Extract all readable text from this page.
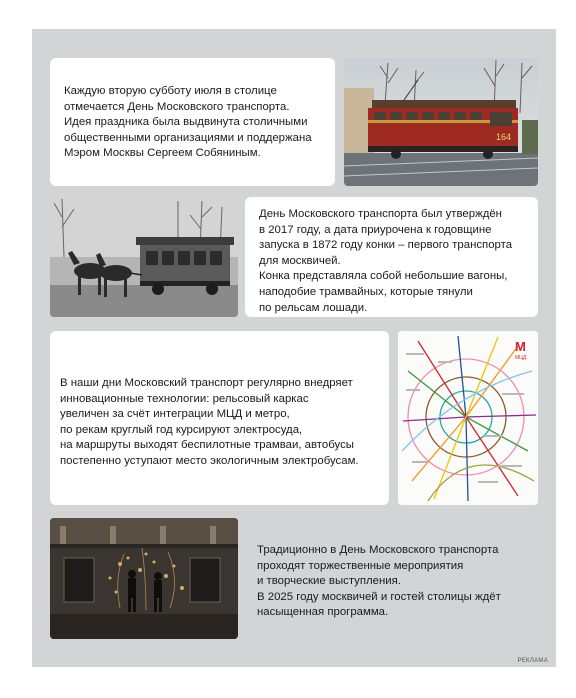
Каждую вторую субботу июля в столице

отмечается День Московского транспорта.

Идея праздника была выдвинута столичными

общественными организациями и поддержана

Мэром Москвы Сергеем Собяниным.

164

День Московского транспорта был утверждён

в 2017 году, а дата приурочена к годовщине

запуска в 1872 году конки – первого транспорта

для москвичей.

Конка представляла собой небольшие вагоны,

наподобие трамвайных, которые тянули

по рельсам лошади.

В наши дни Московский транспорт регулярно внедряет

инновационные технологии: рельсовый каркас

увеличен за счёт интеграции МЦД и метро,

по рекам круглый год курсируют электросуда,

на маршруты выходят беспилотные трамваи, автобусы

постепенно уступают место экологичным электробусам.

М
МЦД

Традиционно в День Московского транспорта

проходят торжественные мероприятия

и творческие выступления.

В 2025 году москвичей и гостей столицы ждёт

насыщенная программа.

РЕКЛАМА
